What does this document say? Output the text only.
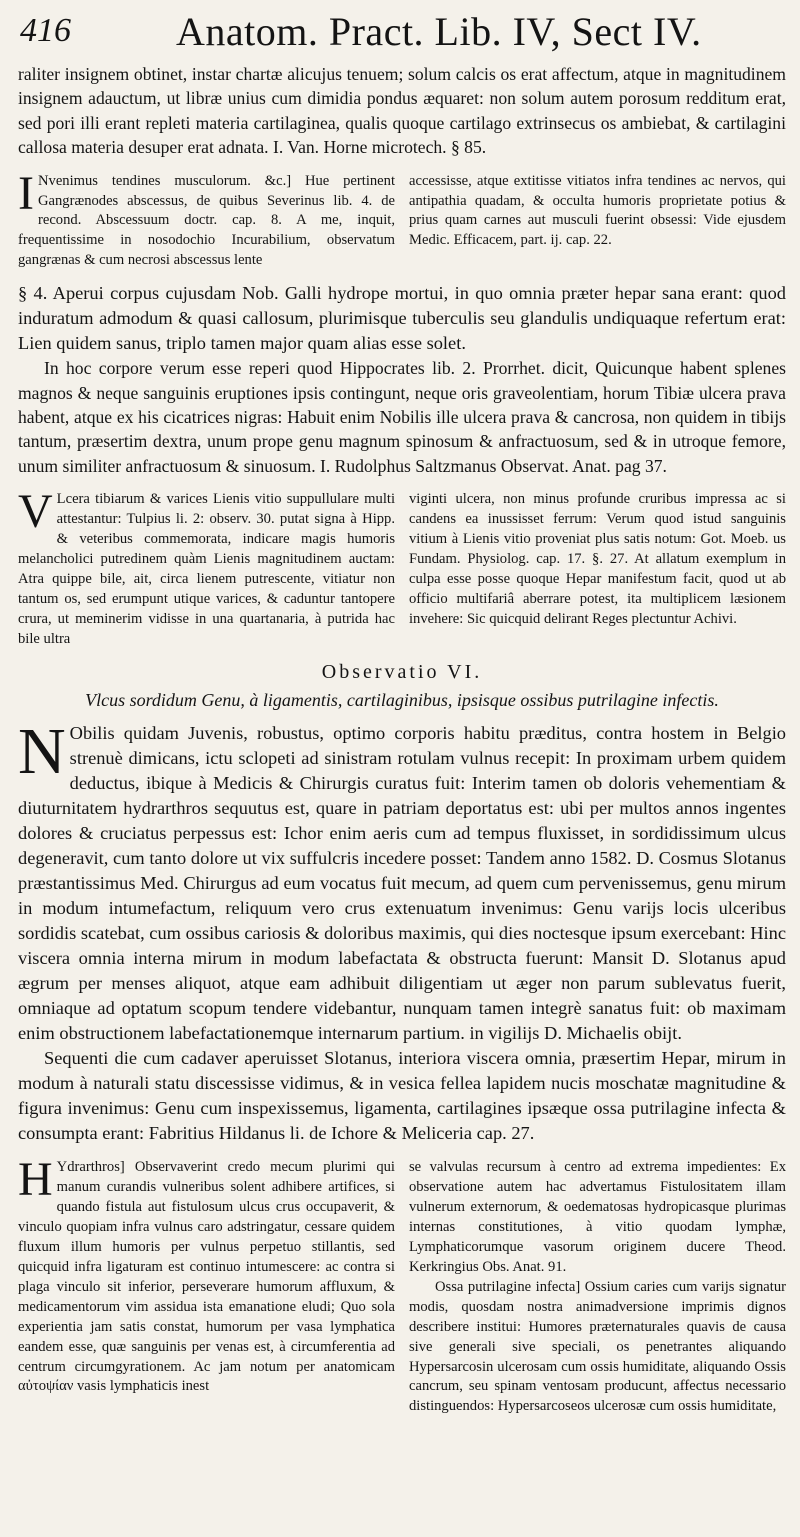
416	Anatom. Pract. Lib. IV, Sect IV.

raliter insignem obtinet, instar chartæ alicujus tenuem; solum calcis os erat affectum, atque in magnitudinem insignem adauctum, ut libræ unius cum dimidia pondus æquaret: non solum autem porosum redditum erat, sed pori illi erant repleti materia cartilaginea, qualis quoque cartilago extrinsecus os ambiebat, & cartilagini callosa materia desuper erat adnata. I. Van. Horne microtech. § 85.

I Nvenimus tendines musculorum. &c.] Hue pertinent Gangrænodes abscessus, de quibus Severinus lib. 4. de recond. Abscessuum doctr. cap. 8. A me, inquit, frequentissime in nosodochio Incurabilium, observatum gangrænas & cum necrosi abscessus lente
accessisse, atque extitisse vitiatos infra tendines ac nervos, qui antipathia quadam, & occulta humoris proprietate potius & prius quam carnes aut musculi fuerint obsessi: Vide ejusdem Medic. Efficacem, part. ij. cap. 22.

§ 4. Aperui corpus cujusdam Nob. Galli hydrope mortui, in quo omnia præter hepar sana erant: quod induratum admodum & quasi callosum, plurimisque tuberculis seu glandulis undiquaque refertum erat: Lien quidem sanus, triplo tamen major quam alias esse solet.

In hoc corpore verum esse reperi quod Hippocrates lib. 2. Prorrhet. dicit, Quicunque habent splenes magnos & neque sanguinis eruptiones ipsis contingunt, neque oris graveolentiam, horum Tibiæ ulcera prava habent, atque ex his cicatrices nigras: Habuit enim Nobilis ille ulcera prava & cancrosa, non quidem in tibijs tantum, præsertim dextra, unum prope genu magnum spinosum & anfractuosum, sed & in utroque femore, unum similiter anfractuosum & sinuosum. I. Rudolphus Saltzmanus Observat. Anat. pag 37.

V Lcera tibiarum & varices Lienis vitio suppullulare multi attestantur: Tulpius li. 2: observ. 30. putat signa à Hipp. & veteribus commemorata, indicare magis humoris melancholici putredinem quàm Lienis magnitudinem auctam: Atra quippe bile, ait, circa lienem putrescente, vitiatur non tantum os, sed erumpunt utique varices, & caduntur tantopere crura, ut meminerim vidisse in una quartanaria, à putrida hac bile ultra
viginti ulcera, non minus profunde cruribus impressa ac si candens ea inussisset ferrum: Verum quod istud sanguinis vitium à Lienis vitio proveniat plus satis notum: Got. Moeb. us Fundam. Physiolog. cap. 17. §. 27. At allatum exemplum in culpa esse posse quoque Hepar manifestum facit, quod ut ab officio multifariâ aberrare potest, ita multiplicem læsionem invehere: Sic quicquid delirant Reges plectuntur Achivi.
Observatio VI.
Vlcus sordidum Genu, à ligamentis, cartilaginibus, ipsisque ossibus putrilagine infectis.

N Obilis quidam Juvenis, robustus, optimo corporis habitu præditus, contra hostem in Belgio strenuè dimicans, ictu sclopeti ad sinistram rotulam vulnus recepit: In proximam urbem quidem deductus, ibique à Medicis & Chirurgis curatus fuit: Interim tamen ob doloris vehementiam & diuturnitatem hydrarthros sequutus est, quare in patriam deportatus est: ubi per multos annos ingentes dolores & cruciatus perpessus est: Ichor enim aeris cum ad tempus fluxisset, in sordidissimum ulcus degeneravit, cum tanto dolore ut vix suffulcris incedere posset: Tandem anno 1582. D. Cosmus Slotanus præstantissimus Med. Chirurgus ad eum vocatus fuit mecum, ad quem cum pervenissemus, genu mirum in modum intumefactum, reliquum vero crus extenuatum invenimus: Genu varijs locis ulceribus sordidis scatebat, cum ossibus cariosis & doloribus maximis, qui dies noctesque ipsum exercebant: Hinc viscera omnia interna mirum in modum labefactata & obstructa fuerunt: Mansit D. Slotanus apud ægrum per menses aliquot, atque eam adhibuit diligentiam ut æger non parum sublevatus fuerit, omniaque ad optatum scopum tendere videbantur, nunquam tamen integrè sanatus fuit: ob maximam enim obstructionem labefactationemque internarum partium. in vigilijs D. Michaelis obijt.

Sequenti die cum cadaver aperuisset Slotanus, interiora viscera omnia, præsertim Hepar, mirum in modum à naturali statu discessisse vidimus, & in vesica fellea lapidem nucis moschatæ magnitudine & figura invenimus: Genu cum inspexissemus, ligamenta, cartilagines ipsæque ossa putrilagine infecta & consumpta erant: Fabritius Hildanus li. de Ichore & Meliceria cap. 27.

H Ydrarthros] Observaverint credo mecum plurimi qui manum curandis vulneribus solent adhibere artifices, si quando fistula aut fistulosum ulcus crus occupaverit, & vinculo quopiam infra vulnus caro adstringatur, cessare quidem fluxum illum humoris per vulnus perpetuo stillantis, sed quicquid infra ligaturam est continuo intumescere: ac contra si plaga vinculo sit inferior, perseverare humorum affluxum, & medicamentorum vim assidua ista emanatione eludi; Quo sola experientia jam satis constat, humorum per vasa lymphatica eandem esse, quæ sanguinis per venas est, à circumferentia ad centrum circumgyrationem. Ac jam notum per anatomicam αὐτοψίαν vasis lymphaticis inest

se valvulas recursum à centro ad extrema impedientes: Ex observatione autem hac advertamus Fistulositatem illam vulnerum externorum, & oedematosas hydropicasque plurimas internas constitutiones, à vitio quodam lymphæ, Lymphaticorumque vasorum originem ducere Theod. Kerkringius Obs. Anat. 91.

Ossa putrilagine infecta] Ossium caries cum varijs signatur modis, quosdam nostra animadversione imprimis dignos describere institui: Humores præternaturales quavis de causa sive generali sive speciali, os penetrantes aliquando Hypersarcosin ulcerosam cum ossis humiditate, aliquando Ossis cancrum, seu spinam ventosam producunt, affectus necessario distinguendos: Hypersarcoseos ulcerosæ cum ossis humiditate,
